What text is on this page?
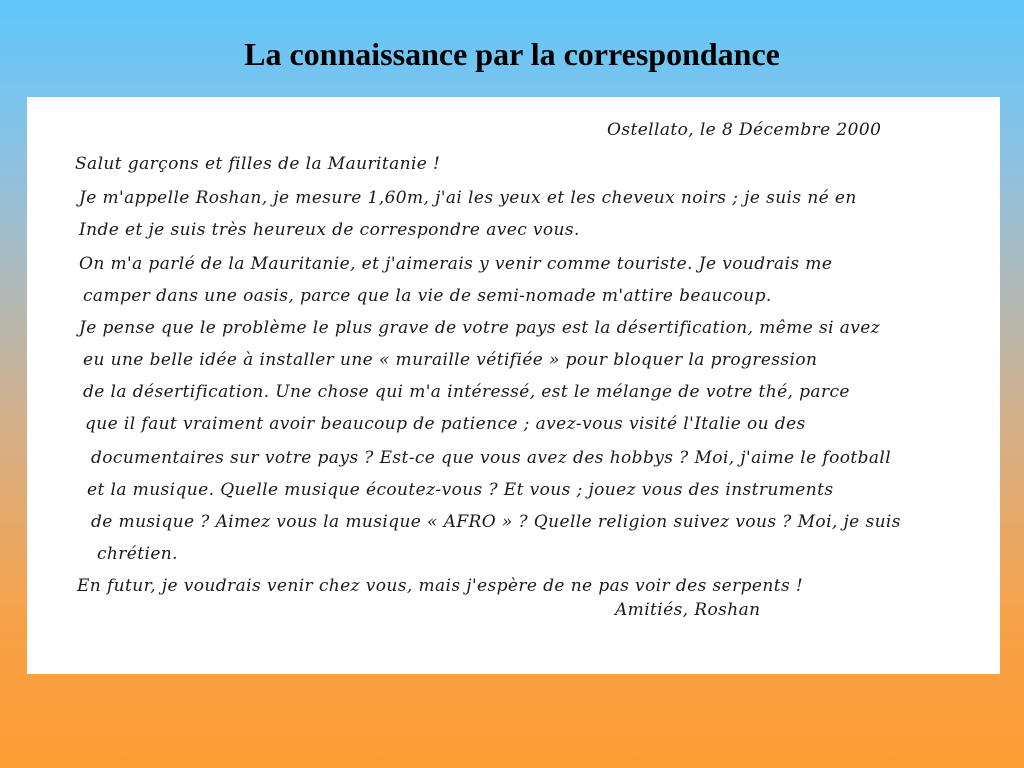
La connaissance par la correspondance

Ostellato, le 8 Décembre 2000

Salut garçons et filles de la Mauritanie !

Je m'appelle Roshan, je mesure 1,60m, j'ai les yeux et les cheveux noirs ; je suis né en

Inde et je suis très heureux de correspondre avec vous.

On m'a parlé de la Mauritanie, et j'aimerais y venir comme touriste. Je voudrais me

camper dans une oasis, parce que la vie de semi-nomade m'attire beaucoup.

Je pense que le problème le plus grave de votre pays est la désertification, même si avez

eu une belle idée à installer une « muraille vétifiée » pour bloquer la progression

de la désertification. Une chose qui m'a intéressé, est le mélange de votre thé, parce

que il faut vraiment avoir beaucoup de patience ; avez-vous visité l'Italie ou des

documentaires sur votre pays ? Est-ce que vous avez des hobbys ? Moi, j'aime le football

et la musique. Quelle musique écoutez-vous ? Et vous ; jouez vous des instruments

de musique ? Aimez vous la musique « AFRO » ? Quelle religion suivez vous ? Moi, je suis

chrétien.

En futur, je voudrais venir chez vous, mais j'espère de ne pas voir des serpents !

Amitiés, Roshan
